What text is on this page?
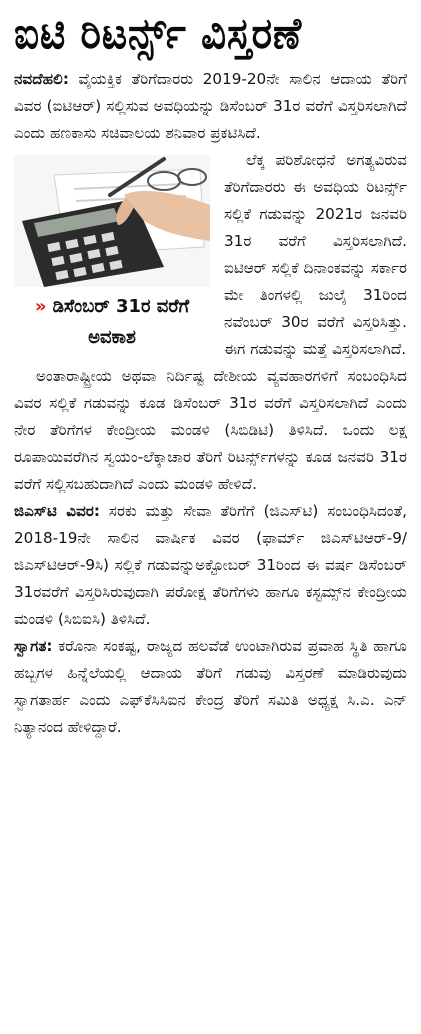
ಐಟಿ ರಿಟರ್ನ್ಸ್ ವಿಸ್ತರಣೆ

ನವದೆಹಲಿ: ವೈಯಕ್ತಿಕ ತೆರಿಗೆದಾರರು 2019-20ನೇ ಸಾಲಿನ ಆದಾಯ ತೆರಿಗೆ ವಿವರ (ಐಟಿಆರ್) ಸಲ್ಲಿಸುವ ಅವಧಿಯನ್ನು ಡಿಸೆಂಬರ್ 31ರ ವರೆಗೆ ವಿಸ್ತರಿಸಲಾಗಿದೆ ಎಂದು ಹಣಕಾಸು ಸಚಿವಾಲಯ ಶನಿವಾರ ಪ್ರಕಟಿಸಿದೆ.

» ಡಿಸೆಂಬರ್ 31ರ ವರೆಗೆ ಅವಕಾಶ

ಲೆಕ್ಕ ಪರಿಶೋಧನೆ ಅಗತ್ಯವಿರುವ ತೆರಿಗೆದಾರರು ಈ ಅವಧಿಯ ರಿಟರ್ನ್ಸ್ ಸಲ್ಲಿಕೆ ಗಡುವನ್ನು 2021ರ ಜನವರಿ 31ರ ವರೆಗೆ ವಿಸ್ತರಿಸಲಾಗಿದೆ. ಐಟಿಆರ್ ಸಲ್ಲಿಕೆ ದಿನಾಂಕವನ್ನು ಸರ್ಕಾರ ಮೇ ತಿಂಗಳಲ್ಲಿ ಜುಲೈ 31ರಿಂದ ನವೆಂಬರ್ 30ರ ವರೆಗೆ ವಿಸ್ತರಿಸಿತ್ತು. ಈಗ ಗಡುವನ್ನು ಮತ್ತೆ ವಿಸ್ತರಿಸಲಾಗಿದೆ.

ಅಂತಾರಾಷ್ಟ್ರೀಯ ಅಥವಾ ನಿರ್ದಿಷ್ಟ ದೇಶೀಯ ವ್ಯವಹಾರಗಳಿಗೆ ಸಂಬಂಧಿಸಿದ ವಿವರ ಸಲ್ಲಿಕೆ ಗಡುವನ್ನು ಕೂಡ ಡಿಸೆಂಬರ್ 31ರ ವರೆಗೆ ವಿಸ್ತರಿಸಲಾಗಿದೆ ಎಂದು ನೇರ ತೆರಿಗೆಗಳ ಕೇಂದ್ರೀಯ ಮಂಡಳಿ (ಸಿಬಿಡಿಟಿ) ತಿಳಿಸಿದೆ. ಒಂದು ಲಕ್ಷ ರೂಪಾಯಿವರೆಗಿನ ಸ್ವಯಂ-ಲೆಕ್ಕಾಚಾರ ತೆರಿಗೆ ರಿಟರ್ನ್ಸ್‌ಗಳನ್ನು ಕೂಡ ಜನವರಿ 31ರ ವರೆಗೆ ಸಲ್ಲಿಸಬಹುದಾಗಿದೆ ಎಂದು ಮಂಡಳಿ ಹೇಳಿದೆ.

ಜಿಎಸ್‌ಟಿ ವಿವರ: ಸರಕು ಮತ್ತು ಸೇವಾ ತೆರಿಗೆಗೆ (ಜಿಎಸ್‌ಟಿ) ಸಂಬಂಧಿಸಿದಂತೆ, 2018-19ನೇ ಸಾಲಿನ ವಾರ್ಷಿಕ ವಿವರ (ಫಾರ್ಮ್ ಜಿಎಸ್‌ಟಿಆರ್-9/ ಜಿಎಸ್‌ಟಿಆರ್-9ಸಿ) ಸಲ್ಲಿಕೆ ಗಡುವನ್ನುಅಕ್ಟೋಬರ್ 31ರಿಂದ ಈ ವರ್ಷ ಡಿಸೆಂಬರ್ 31ರವರೆಗೆ ವಿಸ್ತರಿಸಿರುವುದಾಗಿ ಪರೋಕ್ಷ ತೆರಿಗೆಗಳು ಹಾಗೂ ಕಸ್ಟಮ್ಸ್‌ನ ಕೇಂದ್ರೀಯ ಮಂಡಳಿ (ಸಿಬಿಐಸಿ) ತಿಳಿಸಿದೆ.

ಸ್ವಾಗತ: ಕರೊನಾ ಸಂಕಷ್ಟ, ರಾಜ್ಯದ ಹಲವೆಡೆ ಉಂಟಾಗಿರುವ ಪ್ರವಾಹ ಸ್ಥಿತಿ ಹಾಗೂ ಹಬ್ಬಗಳ ಹಿನ್ನೆಲೆಯಲ್ಲಿ ಆದಾಯ ತೆರಿಗೆ ಗಡುವು ವಿಸ್ತರಣೆ ಮಾಡಿರುವುದು ಸ್ವಾಗತಾರ್ಹ ಎಂದು ಎಫ್‌ಕೆಸಿಸಿಐನ ಕೇಂದ್ರ ತೆರಿಗೆ ಸಮಿತಿ ಅಧ್ಯಕ್ಷ ಸಿ.ಎ. ಎನ್ ನಿತ್ಯಾನಂದ ಹೇಳಿದ್ದಾರೆ.
